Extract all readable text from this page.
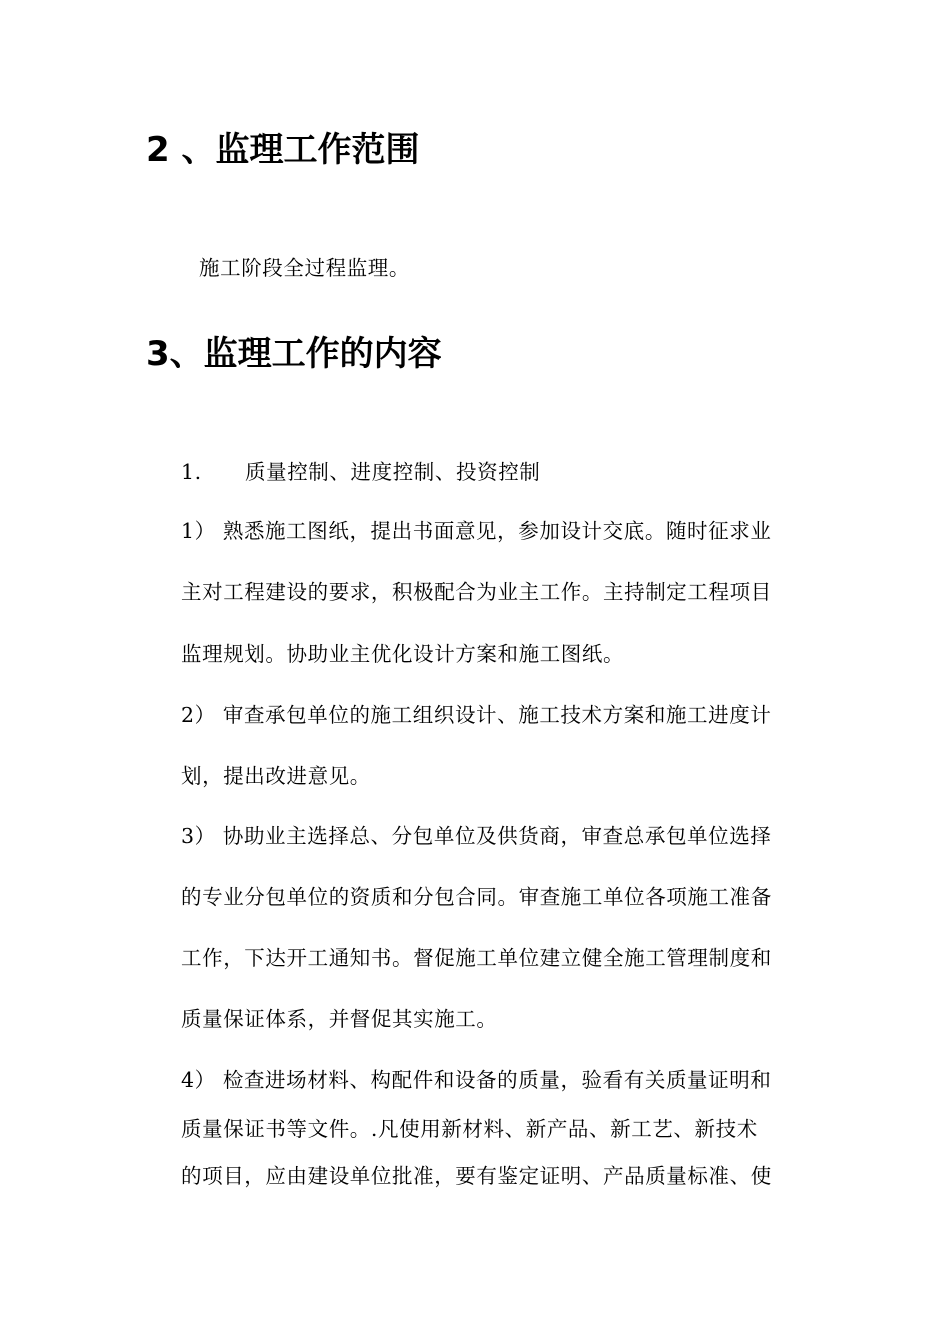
2 、监理工作范围
施工阶段全过程监理。
3、监理工作的内容
1. 质量控制、进度控制、投资控制
1） 熟悉施工图纸，提出书面意见，参加设计交底。随时征求业
主对工程建设的要求，积极配合为业主工作。主持制定工程项目
监理规划。协助业主优化设计方案和施工图纸。
2） 审查承包单位的施工组织设计、施工技术方案和施工进度计
划，提出改进意见。
3） 协助业主选择总、分包单位及供货商，审查总承包单位选择
的专业分包单位的资质和分包合同。审查施工单位各项施工准备
工作，下达开工通知书。督促施工单位建立健全施工管理制度和
质量保证体系，并督促其实施工。
4） 检查进场材料、构配件和设备的质量，验看有关质量证明和
质量保证书等文件。.凡使用新材料、新产品、新工艺、新技术
的项目，应由建设单位批准，要有鉴定证明、产品质量标准、使
